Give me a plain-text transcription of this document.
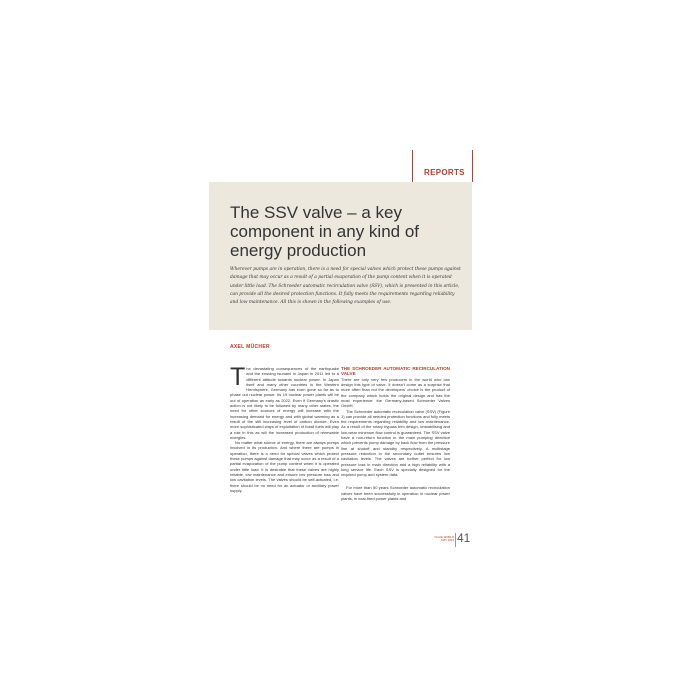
REPORTS
The SSV valve – a key component in any kind of energy production

Wherever pumps are in operation, there is a need for special valves which protect these pumps against damage that may occur as a result of a partial evaporation of the pump content when it is operated under little load. The Schroeder automatic recirculation valve (SSV), which is presented in this article, can provide all the desired protection functions. It fully meets the requirements regarding reliability and low maintenance. All this is shown in the following examples of use.

AXEL MÜCHER

The devastating consequences of the earthquake and the ensuing tsunami in Japan in 2011 led to a different attitude towards nuclear power. In Japan itself and many other countries in the Western Hemisphere, Germany has even gone so far as to phase out nuclear power. Its 19 nuclear power plants will be out of operation as early as 2022. Even if Germany's drastic action is not likely to be followed by many other states, the need for other sources of energy will increase with the increasing demand for energy and with global warming as a result of the still increasing level of carbon dioxide. Even more sophisticated ways of exploitation of fossil fuels will play a role in this as will the increased production of renewable energies.

No matter what source of energy, there are always pumps involved in its production. And where there are pumps in operation, there is a need for special valves which protect these pumps against damage that may occur as a result of a partial evaporation of the pump content when it is operated under little load. It is desirable that these valves are highly reliable, low maintenance and ensure low pressure loss and low cavitation levels. The valves should be self-actuated, i.e. there should be no need for an actuator or auxiliary power supply.

THE SCHROEDER AUTOMATIC RECIRCULATION VALVE

There are only very few producers in the world who can design this type of valve. It doesn't come as a surprise that more often than not the developers' choice is the product of the company which holds the original design and has the most experience: the Germany-based Schroeder Valves GmbH.

The Schroeder automatic recirculation valve (SSV) (Figure 1) can provide all needed protection functions and fully meets the requirements regarding reliability and low maintenance. As a result of the rotary bypass trim design, unstabilising and low-wear minimum flow control is guaranteed. The SSV valve have a non-return function in the main pumping direction which prevents pump damage by back flow from the pressure line at shutoff and standby respectively. A multistage pressure reduction in the secondary outlet ensures low cavitation levels. The valves are further perfect for low pressure loss in main direction and a high reliability with a long service life. Each SSV is specially designed for the required pump and system data.

For more than 50 years Schroeder automatic recirculation valves have been successfully in operation in nuclear power plants, in coal-fired power plants and

VALVE WORLD
MAY 2013 41
